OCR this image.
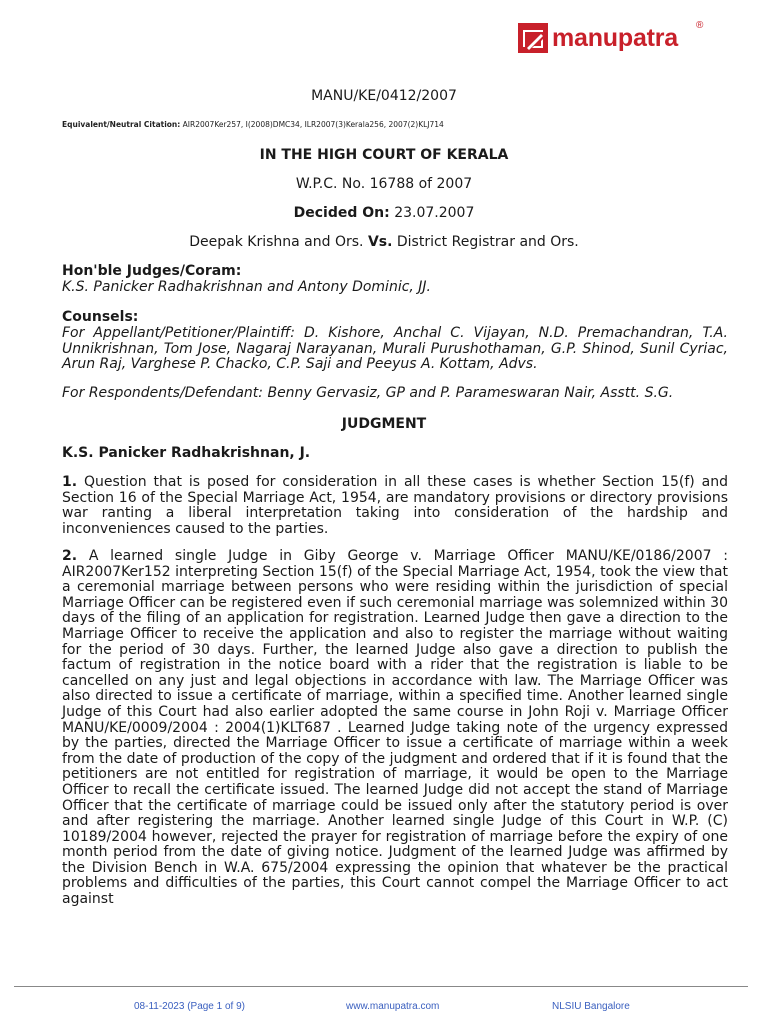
manupatra ®
MANU/KE/0412/2007
Equivalent/Neutral Citation: AIR2007Ker257, I(2008)DMC34, ILR2007(3)Kerala256, 2007(2)KLJ714
IN THE HIGH COURT OF KERALA
W.P.C. No. 16788 of 2007
Decided On: 23.07.2007
Deepak Krishna and Ors. Vs. District Registrar and Ors.
Hon'ble Judges/Coram:
K.S. Panicker Radhakrishnan and Antony Dominic, JJ.
Counsels:
For Appellant/Petitioner/Plaintiff: D. Kishore, Anchal C. Vijayan, N.D. Premachandran, T.A. Unnikrishnan, Tom Jose, Nagaraj Narayanan, Murali Purushothaman, G.P. Shinod, Sunil Cyriac, Arun Raj, Varghese P. Chacko, C.P. Saji and Peeyus A. Kottam, Advs.
For Respondents/Defendant: Benny Gervasiz, GP and P. Parameswaran Nair, Asstt. S.G.
JUDGMENT
K.S. Panicker Radhakrishnan, J.
1. Question that is posed for consideration in all these cases is whether Section 15(f) and Section 16 of the Special Marriage Act, 1954, are mandatory provisions or directory provisions war ranting a liberal interpretation taking into consideration of the hardship and inconveniences caused to the parties.
2. A learned single Judge in Giby George v. Marriage Officer MANU/KE/0186/2007 : AIR2007Ker152 interpreting Section 15(f) of the Special Marriage Act, 1954, took the view that a ceremonial marriage between persons who were residing within the jurisdiction of special Marriage Officer can be registered even if such ceremonial marriage was solemnized within 30 days of the filing of an application for registration. Learned Judge then gave a direction to the Marriage Officer to receive the application and also to register the marriage without waiting for the period of 30 days. Further, the learned Judge also gave a direction to publish the factum of registration in the notice board with a rider that the registration is liable to be cancelled on any just and legal objections in accordance with law. The Marriage Officer was also directed to issue a certificate of marriage, within a specified time. Another learned single Judge of this Court had also earlier adopted the same course in John Roji v. Marriage Officer MANU/KE/0009/2004 : 2004(1)KLT687 . Learned Judge taking note of the urgency expressed by the parties, directed the Marriage Officer to issue a certificate of marriage within a week from the date of production of the copy of the judgment and ordered that if it is found that the petitioners are not entitled for registration of marriage, it would be open to the Marriage Officer to recall the certificate issued. The learned Judge did not accept the stand of Marriage Officer that the certificate of marriage could be issued only after the statutory period is over and after registering the marriage. Another learned single Judge of this Court in W.P. (C) 10189/2004 however, rejected the prayer for registration of marriage before the expiry of one month period from the date of giving notice. Judgment of the learned Judge was affirmed by the Division Bench in W.A. 675/2004 expressing the opinion that whatever be the practical problems and difficulties of the parties, this Court cannot compel the Marriage Officer to act against
08-11-2023 (Page 1 of 9)	www.manupatra.com	NLSIU Bangalore
